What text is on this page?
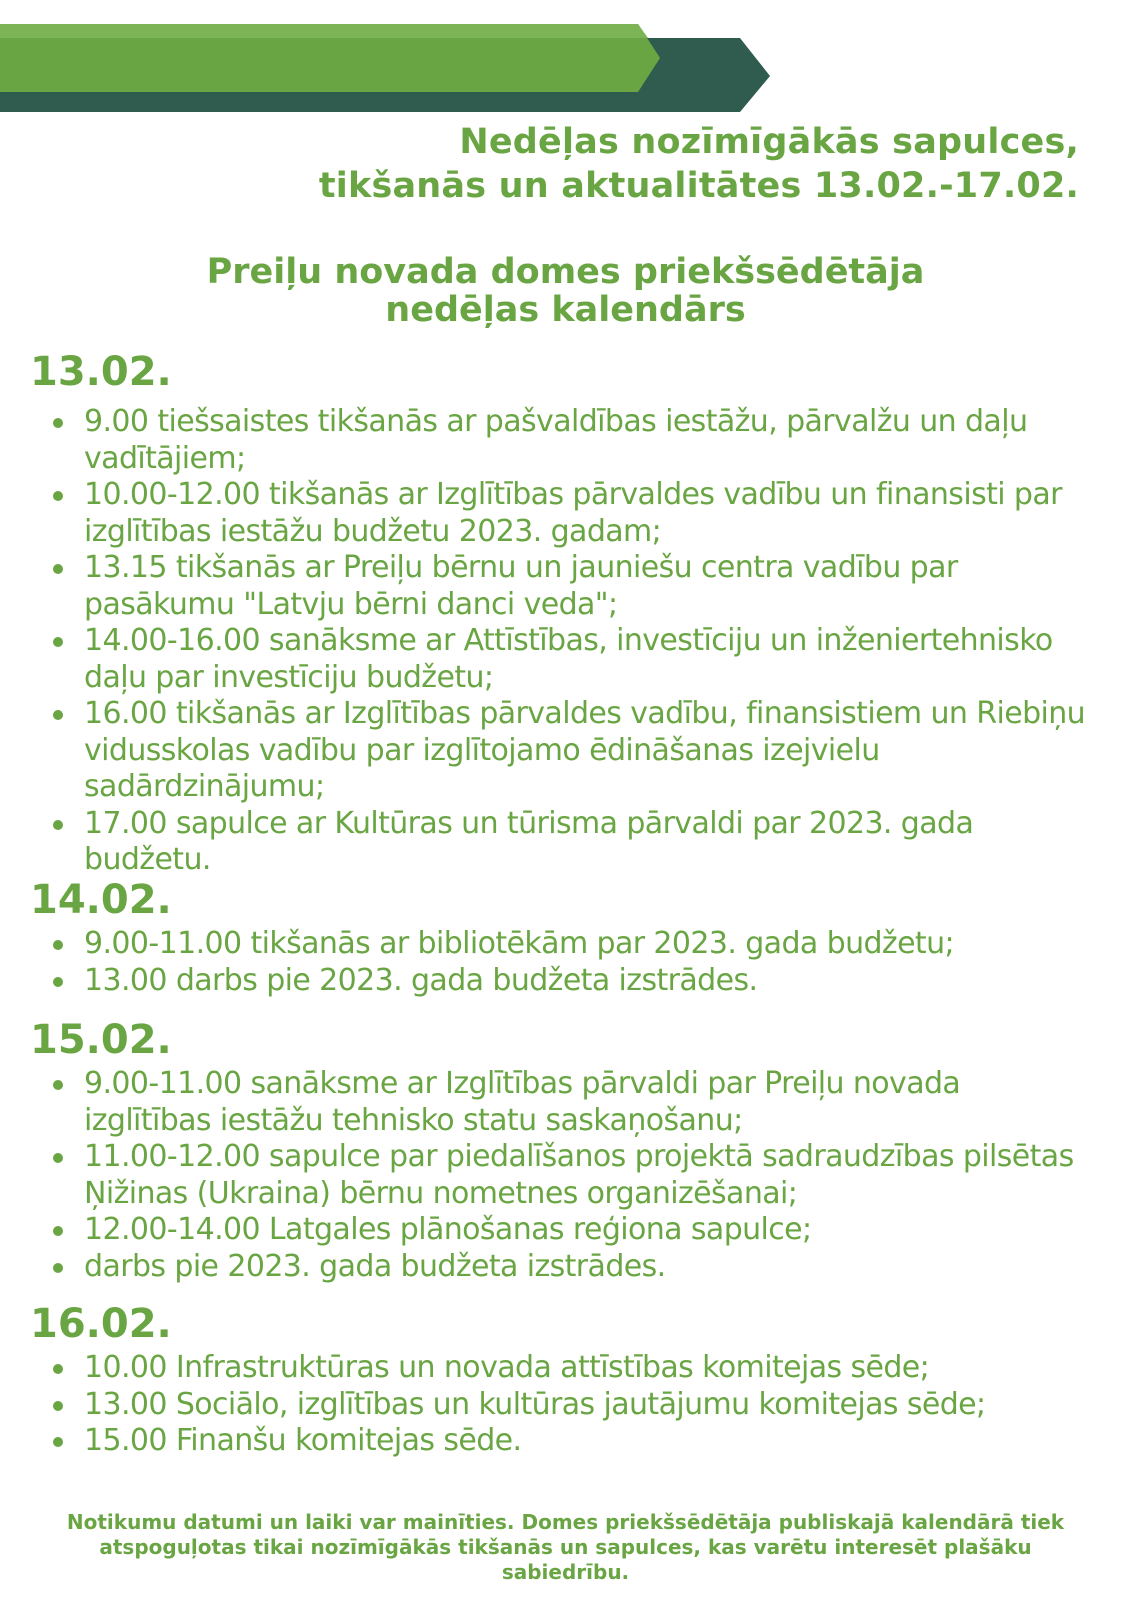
Nedēļas nozīmīgākās sapulces,
tikšanās un aktualitātes 13.02.-17.02.
Preiļu novada domes priekšsēdētāja
nedēļas kalendārs
13.02.
9.00 tiešsaistes tikšanās ar pašvaldības iestāžu, pārvalžu un daļu vadītājiem;
10.00-12.00 tikšanās ar Izglītības pārvaldes vadību un finansisti par izglītības iestāžu budžetu 2023. gadam;
13.15 tikšanās ar Preiļu bērnu un jauniešu centra vadību par pasākumu "Latvju bērni danci veda";
14.00-16.00 sanāksme ar Attīstības, investīciju un inženiertehnisko daļu par investīciju budžetu;
16.00 tikšanās ar Izglītības pārvaldes vadību, finansistiem un Riebiņu vidusskolas vadību par izglītojamo ēdināšanas izejvielu sadārdzinājumu;
17.00 sapulce ar Kultūras un tūrisma pārvaldi par 2023. gada budžetu.
14.02.
9.00-11.00 tikšanās ar bibliotēkām par 2023. gada budžetu;
13.00 darbs pie 2023. gada budžeta izstrādes.
15.02.
9.00-11.00 sanāksme ar Izglītības pārvaldi par Preiļu novada izglītības iestāžu tehnisko statu saskaņošanu;
11.00-12.00 sapulce par piedalīšanos projektā sadraudzības pilsētas Ņižinas (Ukraina) bērnu nometnes organizēšanai;
12.00-14.00 Latgales plānošanas reģiona sapulce;
darbs pie 2023. gada budžeta izstrādes.
16.02.
10.00 Infrastruktūras un novada attīstības komitejas sēde;
13.00 Sociālo, izglītības un kultūras jautājumu komitejas sēde;
15.00 Finanšu komitejas sēde.
Notikumu datumi un laiki var mainīties. Domes priekšsēdētāja publiskajā kalendārā tiek atspoguļotas tikai nozīmīgākās tikšanās un sapulces, kas varētu interesēt plašāku sabiedrību.
